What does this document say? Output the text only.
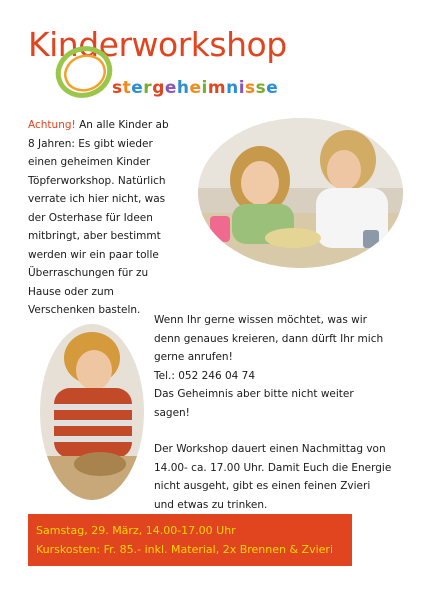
Kinderworkshop
stergeheimnisse

Achtung! An alle Kinder ab

8 Jahren: Es gibt wieder

einen geheimen Kinder

Töpferworkshop. Natürlich

verrate ich hier nicht, was

der Osterhase für Ideen

mitbringt, aber bestimmt

werden wir ein paar tolle

Überraschungen für zu

Hause oder zum

Verschenken basteln.

Wenn Ihr gerne wissen möchtet, was wir

denn genaues kreieren, dann dürft Ihr mich

gerne anrufen!

Tel.: 052 246 04 74

Das Geheimnis aber bitte nicht weiter

sagen!

Der Workshop dauert einen Nachmittag von

14.00- ca. 17.00 Uhr. Damit Euch die Energie

nicht ausgeht, gibt es einen feinen Zvieri

und etwas zu trinken.

Samstag, 29. März, 14.00-17.00 Uhr
Kurskosten: Fr. 85.- inkl. Material, 2x Brennen & Zvieri
